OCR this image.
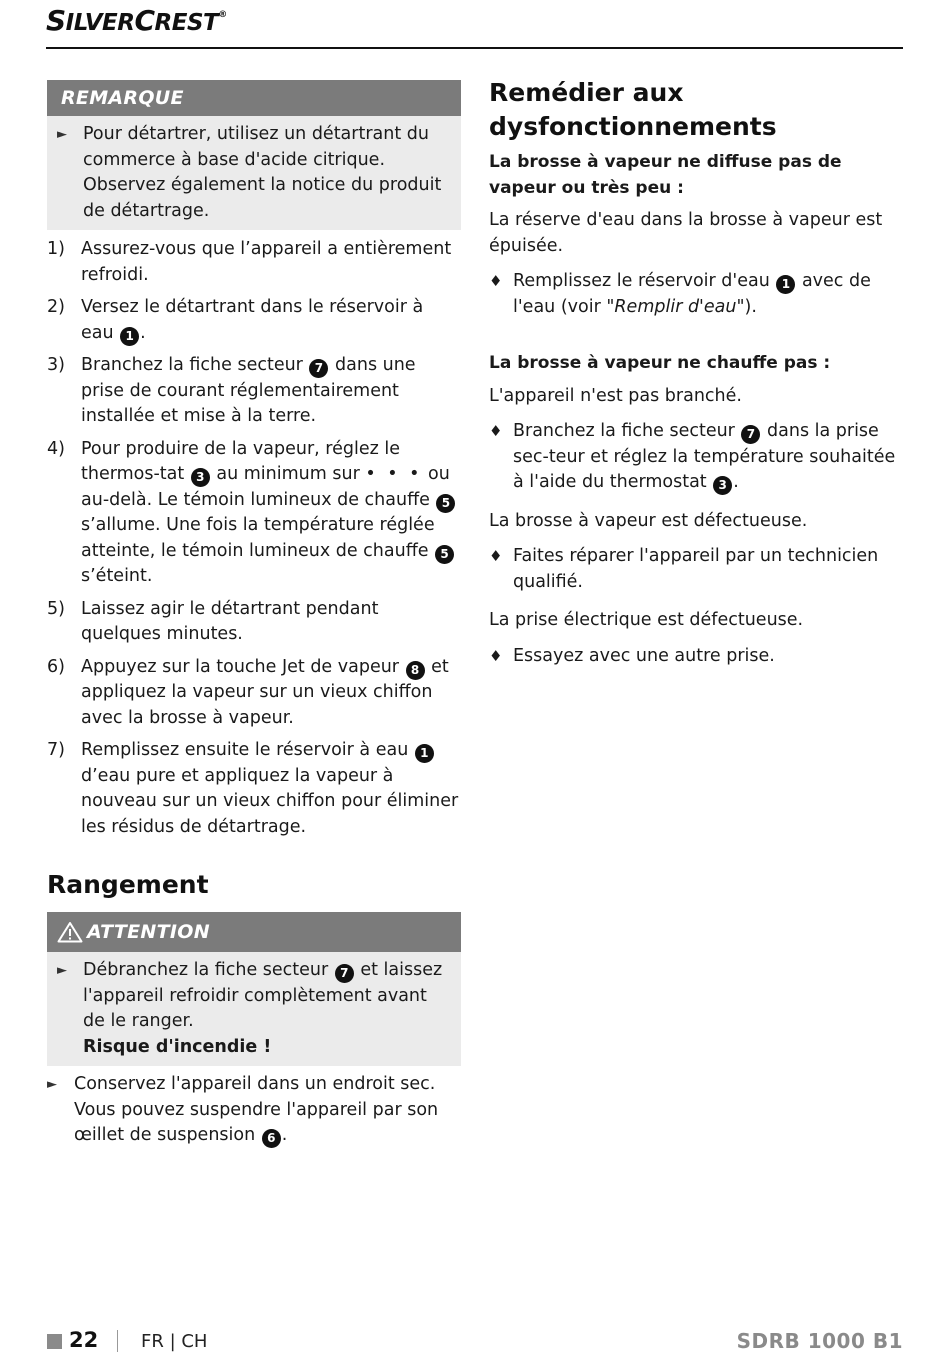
SILVERCREST®
REMARQUE
► Pour détartrer, utilisez un détartrant du commerce à base d'acide citrique. Observez également la notice du produit de détartrage.
1) Assurez-vous que l’appareil a entièrement refroidi.
2) Versez le détartrant dans le réservoir à eau 1 .
3) Branchez la fiche secteur 7 dans une prise de courant réglementairement installée et mise à la terre.
4) Pour produire de la vapeur, réglez le thermos-tat 3 au minimum sur • • • ou au-delà. Le témoin lumineux de chauffe 5 s’allume. Une fois la température réglée atteinte, le témoin lumineux de chauffe 5 s’éteint.
5) Laissez agir le détartrant pendant quelques minutes.
6) Appuyez sur la touche Jet de vapeur 8 et appliquez la vapeur sur un vieux chiffon avec la brosse à vapeur.
7) Remplissez ensuite le réservoir à eau 1 d’eau pure et appliquez la vapeur à nouveau sur un vieux chiffon pour éliminer les résidus de détartrage.
Rangement
ATTENTION
► Débranchez la fiche secteur 7 et laissez l'appareil refroidir complètement avant de le ranger.
Risque d'incendie !
► Conservez l'appareil dans un endroit sec. Vous pouvez suspendre l'appareil par son œillet de suspension 6 .
Remédier aux dysfonctionnements
La brosse à vapeur ne diffuse pas de vapeur ou très peu :
La réserve d'eau dans la brosse à vapeur est épuisée.
♦ Remplissez le réservoir d'eau 1 avec de l'eau (voir "Remplir d'eau").
La brosse à vapeur ne chauffe pas :
L'appareil n'est pas branché.
♦ Branchez la fiche secteur 7 dans la prise sec-teur et réglez la température souhaitée à l'aide du thermostat 3 .
La brosse à vapeur est défectueuse.
♦ Faites réparer l'appareil par un technicien qualifié.
La prise électrique est défectueuse.
♦ Essayez avec une autre prise.
22 FR | CH	SDRB 1000 B1
